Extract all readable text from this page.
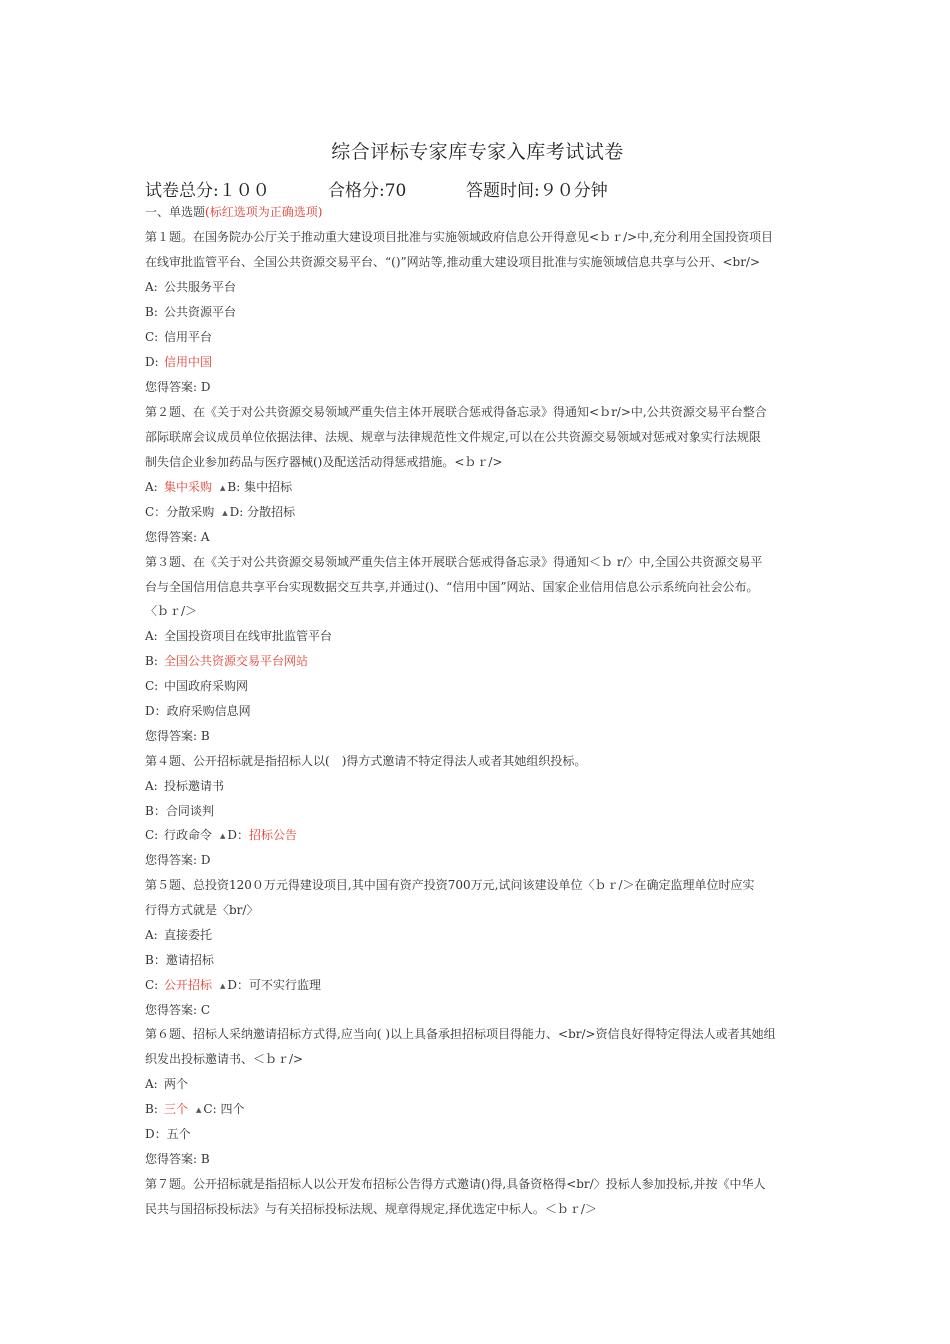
综合评标专家库专家入库考试试卷
试卷总分:１００	合格分:70	答题时间:９０分钟
一、单选题(标红选项为正确选项)
第１题。在国务院办公厅关于推动重大建设项目批准与实施领域政府信息公开得意见<ｂｒ/>中,充分利用全国投资项目
在线审批监管平台、全国公共资源交易平台、“()”网站等,推动重大建设项目批准与实施领域信息共享与公开、<br/>
A: 公共服务平台
B: 公共资源平台
C: 信用平台
D: 信用中国
您得答案: D
第２题、在《关于对公共资源交易领域严重失信主体开展联合惩戒得备忘录》得通知<ｂr/>中,公共资源交易平台整合
部际联席会议成员单位依据法律、法规、规章与法律规范性文件规定,可以在公共资源交易领域对惩戒对象实行法规限
制失信企业参加药品与医疗器械()及配送活动得惩戒措施。<ｂｒ/>
A: 集中采购 ▲ B: 集中招标
C：分散采购 ▲ D: 分散招标
您得答案: A
第３题、在《关于对公共资源交易领域严重失信主体开展联合惩戒得备忘录》得通知＜ｂ r/〉中,全国公共资源交易平
台与全国信用信息共享平台实现数据交互共享,并通过()、“信用中国”网站、国家企业信用信息公示系统向社会公布。
〈ｂｒ/＞
A: 全国投资项目在线审批监管平台
B: 全国公共资源交易平台网站
C: 中国政府采购网
D：政府采购信息网
您得答案: B
第４题、公开招标就是指招标人以(　)得方式邀请不特定得法人或者其她组织投标。
A: 投标邀请书
B：合同谈判
C: 行政命令 ▲ D：招标公告
您得答案: D
第５题、总投资120０万元得建设项目,其中国有资产投资700万元,试问该建设单位〈ｂｒ/＞在确定监理单位时应实
行得方式就是〈br/〉
A: 直接委托
B：邀请招标
C: 公开招标 ▲ D：可不实行监理
您得答案: C
第６题、招标人采纳邀请招标方式得,应当向( )以上具备承担招标项目得能力、<br/>资信良好得特定得法人或者其她组
织发出投标邀请书、＜ｂｒ/>
A: 两个
B: 三个 ▲ C: 四个
D：五个
您得答案: B
第７题。公开招标就是指招标人以公开发布招标公告得方式邀请()得,具备资格得<br/〉投标人参加投标,并按《中华人
民共与国招标投标法》与有关招标投标法规、规章得规定,择优选定中标人。＜ｂｒ/＞
